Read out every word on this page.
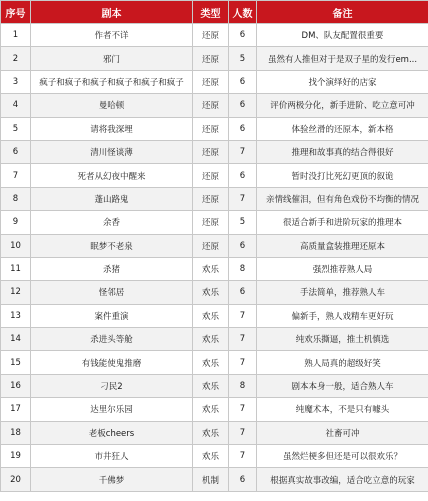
序号	剧本	类型	人数	备注
1	作者不详	还原	6	DM、队友配置很重要
2	邪门	还原	5	虽然有人推但对于是双子星的发行em...
3	疯子和疯子和疯子和疯子和疯子和疯子	还原	6	找个演绎好的店家
4	曼哈顿	还原	6	评价两极分化，新手进阶、吃立意可冲
5	请将我深埋	还原	6	体验丝滑的还原本，新本格
6	清川怪谈薄	还原	7	推理和故事真的结合得很好
7	死者从幻夜中醒来	还原	6	暂时没打比死幻更顶的叙诡
8	蓬山路鬼	还原	7	亲情线催泪，但有角色戏份不均衡的情况
9	余香	还原	5	很适合新手和进阶玩家的推理本
10	眠梦不老泉	还原	6	高质量盒装推理还原本
11	杀猪	欢乐	8	强烈推荐熟人局
12	怪邻居	欢乐	6	手法简单，推荐熟人车
13	案件重演	欢乐	7	偏新手，熟人戏精车更好玩
14	杀进头等舱	欢乐	7	纯欢乐撕逼，推土机慎选
15	有钱能使鬼推磨	欢乐	7	熟人局真的超级好笑
16	刁民2	欢乐	8	剧本本身一般，适合熟人车
17	达里尔乐园	欢乐	7	纯魔术本，不是只有噱头
18	老板cheers	欢乐	7	社畜可冲
19	市井狂人	欢乐	7	虽然烂梗多但还是可以很欢乐？
20	千佛梦	机制	6	根据真实故事改编，适合吃立意的玩家
